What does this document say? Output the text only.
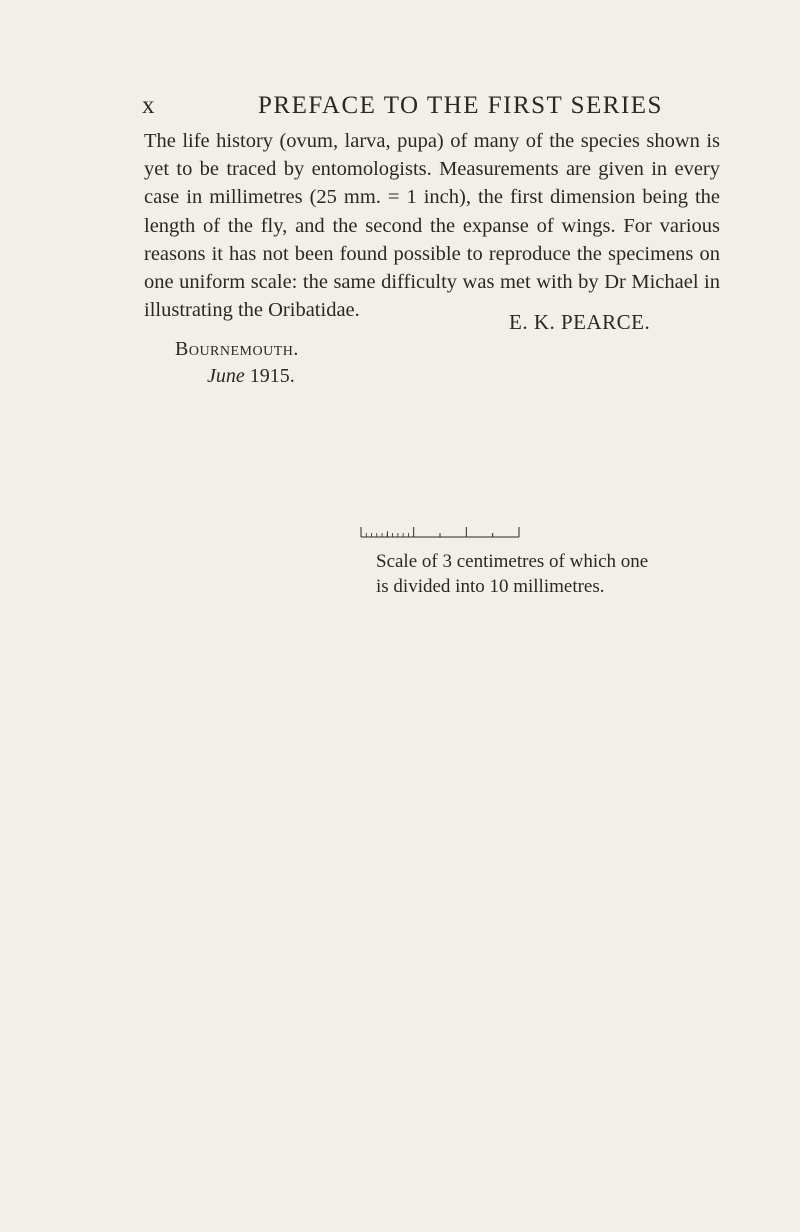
x	PREFACE TO THE FIRST SERIES
The life history (ovum, larva, pupa) of many of the species shown is yet to be traced by entomologists. Measurements are given in every case in millimetres (25 mm. = 1 inch), the first dimension being the length of the fly, and the second the expanse of wings. For various reasons it has not been found possible to reproduce the specimens on one uniform scale: the same difficulty was met with by Dr Michael in illustrating the Oribatidae.	E. K. PEARCE.
Bournemouth.
June 1915.
Scale of 3 centimetres of which one
is divided into 10 millimetres.
